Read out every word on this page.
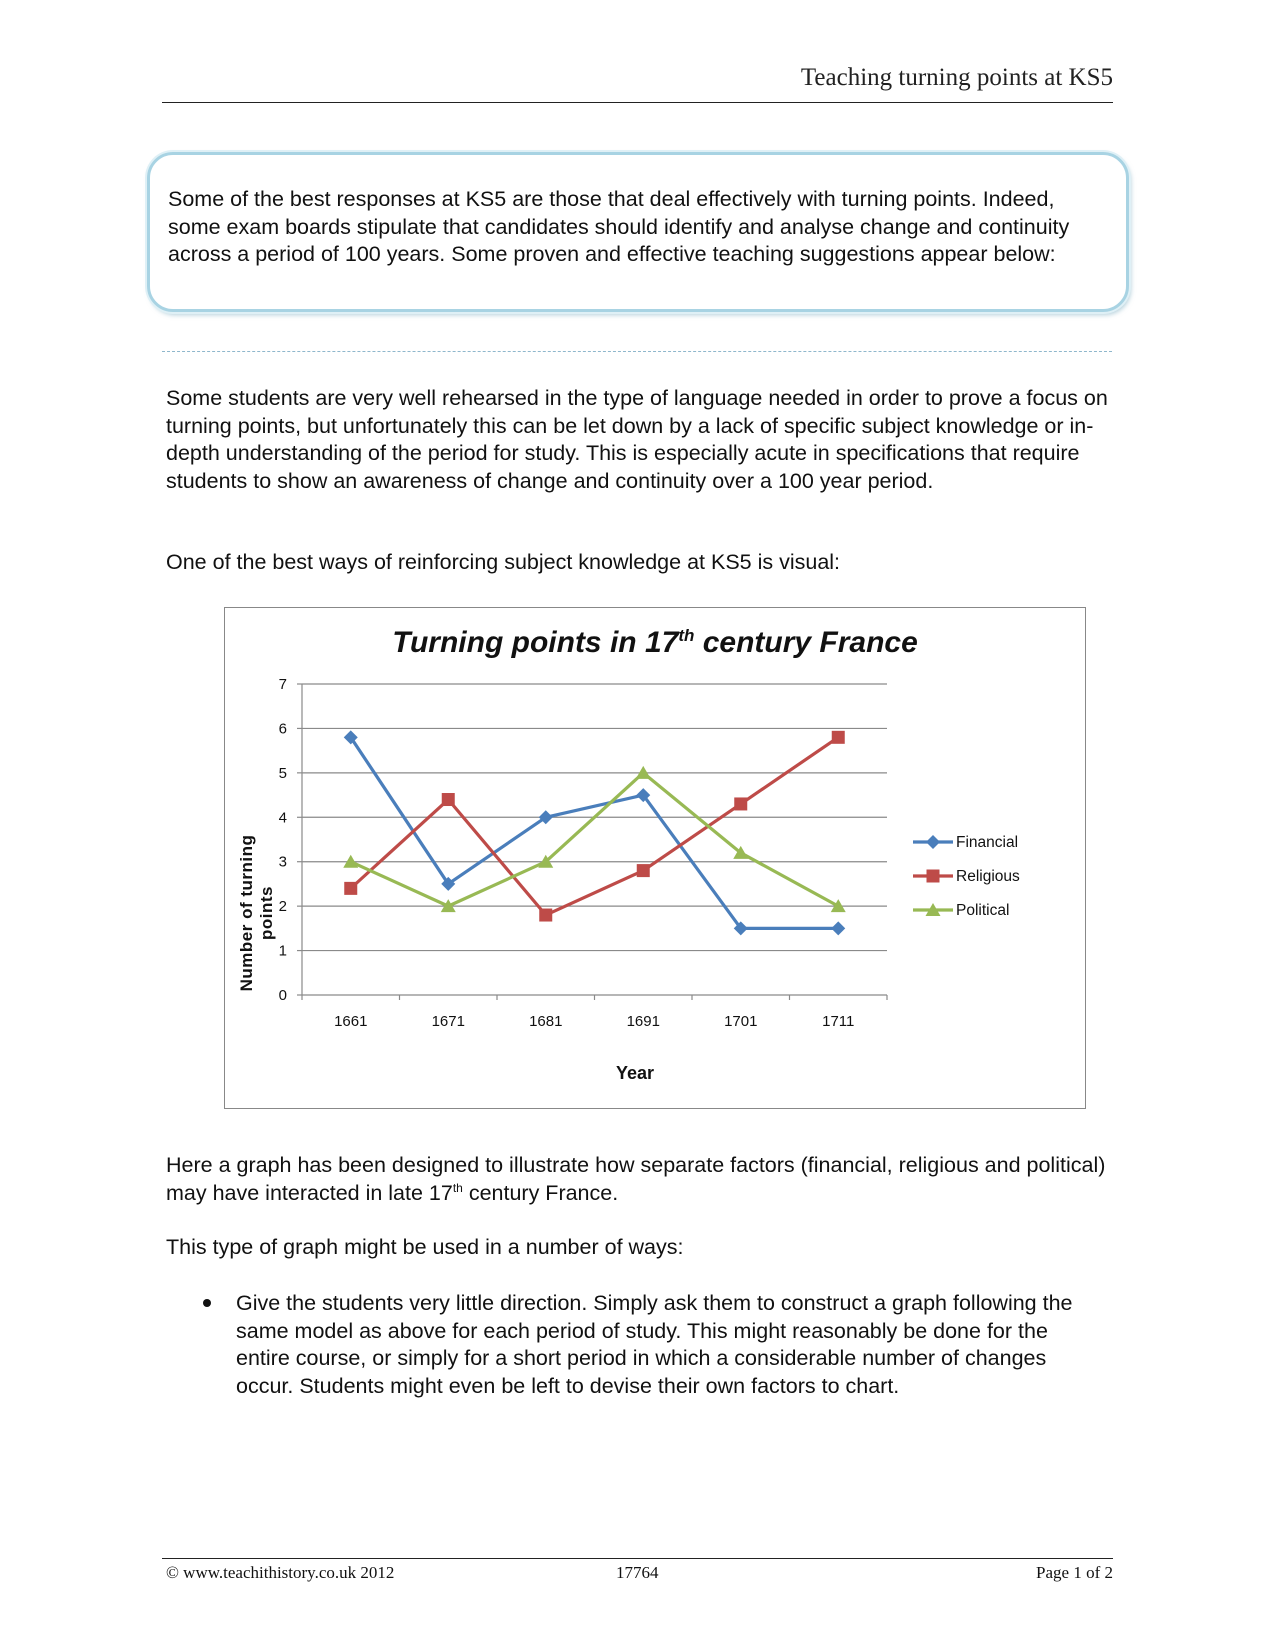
Teaching turning points at KS5
Some of the best responses at KS5 are those that deal effectively with turning points. Indeed, some exam boards stipulate that candidates should identify and analyse change and continuity across a period of 100 years. Some proven and effective teaching suggestions appear below:

Some students are very well rehearsed in the type of language needed in order to prove a focus on turning points, but unfortunately this can be let down by a lack of specific subject knowledge or in-depth understanding of the period for study. This is especially acute in specifications that require students to show an awareness of change and continuity over a 100 year period.

One of the best ways of reinforcing subject knowledge at KS5 is visual:

Turning points in 17th century France
0
1
2
3
4
5
6
7
1661	1671	1681	1691	1701	1711
Financial
Religious
Political
Number of turning points
Year

Here a graph has been designed to illustrate how separate factors (financial, religious and political) may have interacted in late 17th century France.

This type of graph might be used in a number of ways:

Give the students very little direction. Simply ask them to construct a graph following the same model as above for each period of study. This might reasonably be done for the entire course, or simply for a short period in which a considerable number of changes occur. Students might even be left to devise their own factors to chart.
© www.teachithistory.co.uk 2012	17764	Page 1 of 2
